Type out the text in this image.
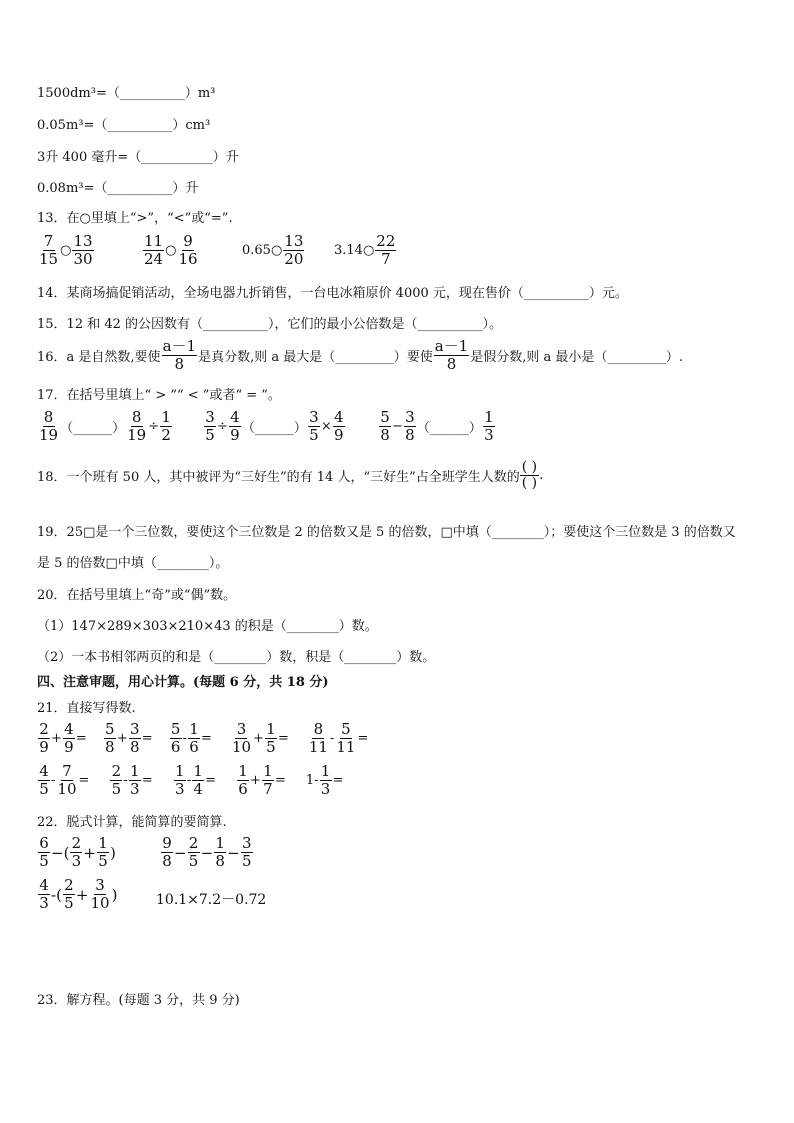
1500dm³=（__________）m³
0.05m³=（__________）cm³
3升 400 毫升=（___________）升
0.08m³=（__________）升
13．在○里填上“>”，“<”或“=”.
$\frac{7}{15}$ ○ $\frac{13}{30}$	$\frac{11}{24}$ ○ $\frac{9}{16}$	0.65○ $\frac{13}{20}$ 3.14○ $\frac{22}{7}$
14．某商场搞促销活动，全场电器九折销售，一台电冰箱原价 4000 元，现在售价（__________）元。
15．12 和 42 的公因数有（__________），它们的最小公倍数是（__________）。
16．a 是自然数,要使 $\frac{a-1}{8}$ 是真分数,则 a 最大是（_________）要使 $\frac{a-1}{8}$ 是假分数,则 a 最小是（_________）.
17．在括号里填上“ > ”“ < ”或者“ = ”。
$\frac{8}{19}$ （______） $\frac{8}{19} \div \frac{1}{2} \frac{3}{5} \div \frac{4}{9}$ （______） $\frac{3}{5} \times \frac{4}{9} \frac{5}{8} - \frac{3}{8}$ （______） $\frac{1}{3}$
18．一个班有 50 人，其中被评为“三好生”的有 14 人，“三好生”占全班学生人数的 $\frac{( )}{( )}$ .
19．25□是一个三位数，要使这个三位数是 2 的倍数又是 5 的倍数，□中填（________）；要使这个三位数是 3 的倍数又
是 5 的倍数□中填（________）。
20．在括号里填上“奇”或“偶”数。
（1）147×289×303×210×43 的积是（________）数。
（2）一本书相邻两页的和是（________）数，积是（________）数。
四、注意审题，用心计算。(每题 6 分，共 18 分)
21．直接写得数.
$\frac{2}{9} + \frac{4}{9} = \frac{5}{8} + \frac{3}{8} = \frac{5}{6} - \frac{1}{6} = \frac{3}{10} + \frac{1}{5} = \frac{8}{11} - \frac{5}{11}$ =
$\frac{4}{5} - \frac{7}{10} = \frac{2}{5} - \frac{1}{3} = \frac{1}{3} - \frac{1}{4} = \frac{1}{6} + \frac{1}{7} = 1- \frac{1}{3}$ =
22．脱式计算，能简算的要简算.
$\frac{6}{5}$ −( $\frac{2}{3} + \frac{1}{5}$ )	$\frac{9}{8} - \frac{2}{5} - \frac{1}{8} - \frac{3}{5}$
$\frac{4}{3}$ -( $\frac{2}{5} + \frac{3}{10}$ )	10.1×7.2－0.72
23．解方程。(每题 3 分，共 9 分)
